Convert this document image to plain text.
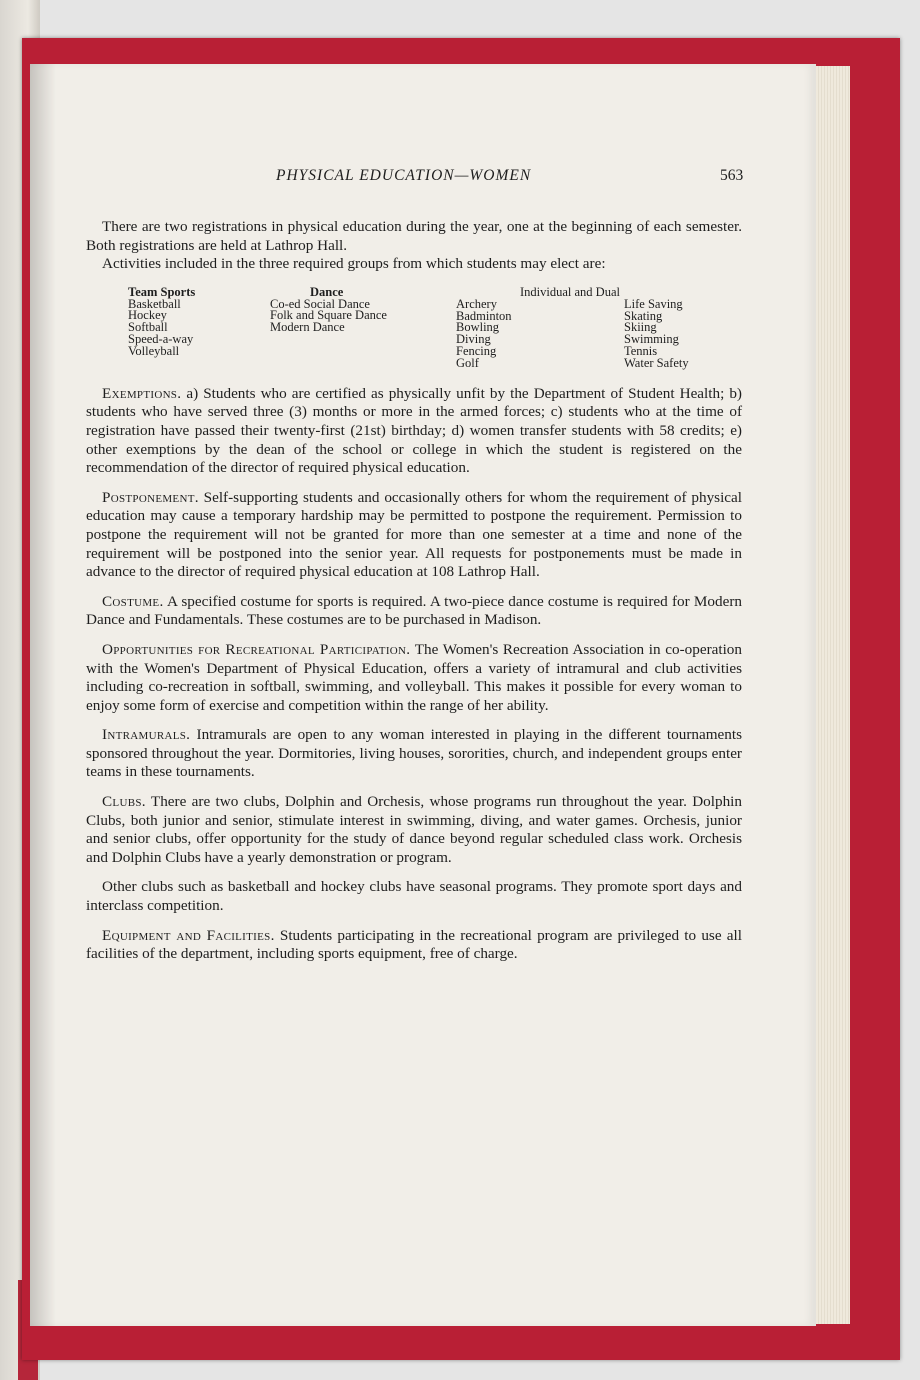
PHYSICAL EDUCATION—WOMEN	563

There are two registrations in physical education during the year, one at the beginning of each semester. Both registrations are held at Lathrop Hall.

Activities included in the three required groups from which students may elect are:

Team Sports
Basketball
Hockey
Softball
Speed-a-way
Volleyball
Dance
Co-ed Social Dance
Folk and Square Dance
Modern Dance
Individual and Dual
Archery
Badminton
Bowling
Diving
Fencing
Golf
Life Saving
Skating
Skiing
Swimming
Tennis
Water Safety

Exemptions. a) Students who are certified as physically unfit by the Department of Student Health; b) students who have served three (3) months or more in the armed forces; c) students who at the time of registration have passed their twenty-first (21st) birthday; d) women transfer students with 58 credits; e) other exemptions by the dean of the school or college in which the student is registered on the recommendation of the director of required physical education.

Postponement. Self-supporting students and occasionally others for whom the requirement of physical education may cause a temporary hardship may be permitted to postpone the requirement. Permission to postpone the requirement will not be granted for more than one semester at a time and none of the requirement will be postponed into the senior year. All requests for postponements must be made in advance to the director of required physical education at 108 Lathrop Hall.

Costume. A specified costume for sports is required. A two-piece dance costume is required for Modern Dance and Fundamentals. These costumes are to be purchased in Madison.

Opportunities for Recreational Participation. The Women's Recreation Association in co-operation with the Women's Department of Physical Education, offers a variety of intramural and club activities including co-recreation in softball, swimming, and volleyball. This makes it possible for every woman to enjoy some form of exercise and competition within the range of her ability.

Intramurals. Intramurals are open to any woman interested in playing in the different tournaments sponsored throughout the year. Dormitories, living houses, sororities, church, and independent groups enter teams in these tournaments.

Clubs. There are two clubs, Dolphin and Orchesis, whose programs run throughout the year. Dolphin Clubs, both junior and senior, stimulate interest in swimming, diving, and water games. Orchesis, junior and senior clubs, offer opportunity for the study of dance beyond regular scheduled class work. Orchesis and Dolphin Clubs have a yearly demonstration or program.

Other clubs such as basketball and hockey clubs have seasonal programs. They promote sport days and interclass competition.

Equipment and Facilities. Students participating in the recreational program are privileged to use all facilities of the department, including sports equipment, free of charge.
